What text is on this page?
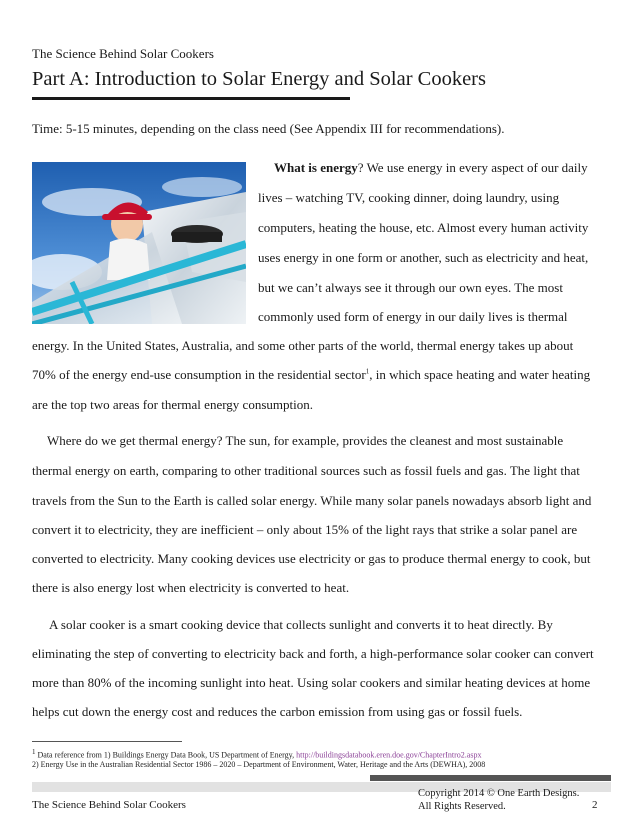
The Science Behind Solar Cookers
Part A: Introduction to Solar Energy and Solar Cookers
Time: 5-15 minutes, depending on the class need (See Appendix III for recommendations).
What is energy? We use energy in every aspect of our daily
lives – watching TV, cooking dinner, doing laundry, using
computers, heating the house, etc. Almost every human activity
uses energy in one form or another, such as electricity and heat,
but we can’t always see it through our own eyes. The most
commonly used form of energy in our daily lives is thermal
energy. In the United States, Australia, and some other parts of the world, thermal energy takes up about
70% of the energy end-use consumption in the residential sector$^1$, in which space heating and water heating
are the top two areas for thermal energy consumption.
Where do we get thermal energy? The sun, for example, provides the cleanest and most sustainable
thermal energy on earth, comparing to other traditional sources such as fossil fuels and gas. The light that
travels from the Sun to the Earth is called solar energy. While many solar panels nowadays absorb light and
convert it to electricity, they are inefficient – only about 15% of the light rays that strike a solar panel are
converted to electricity. Many cooking devices use electricity or gas to produce thermal energy to cook, but
there is also energy lost when electricity is converted to heat.
A solar cooker is a smart cooking device that collects sunlight and converts it to heat directly. By
eliminating the step of converting to electricity back and forth, a high-performance solar cooker can convert
more than 80% of the incoming sunlight into heat. Using solar cookers and similar heating devices at home
helps cut down the energy cost and reduces the carbon emission from using gas or fossil fuels.
$^1$ Data reference from 1) Buildings Energy Data Book, US Department of Energy, http://buildingsdatabook.eren.doe.gov/ChapterIntro2.aspx
2) Energy Use in the Australian Residential Sector 1986 – 2020 – Department of Environment, Water, Heritage and the Arts (DEWHA), 2008
The Science Behind Solar Cookers
Copyright 2014 © One Earth Designs.
All Rights Reserved.	2
